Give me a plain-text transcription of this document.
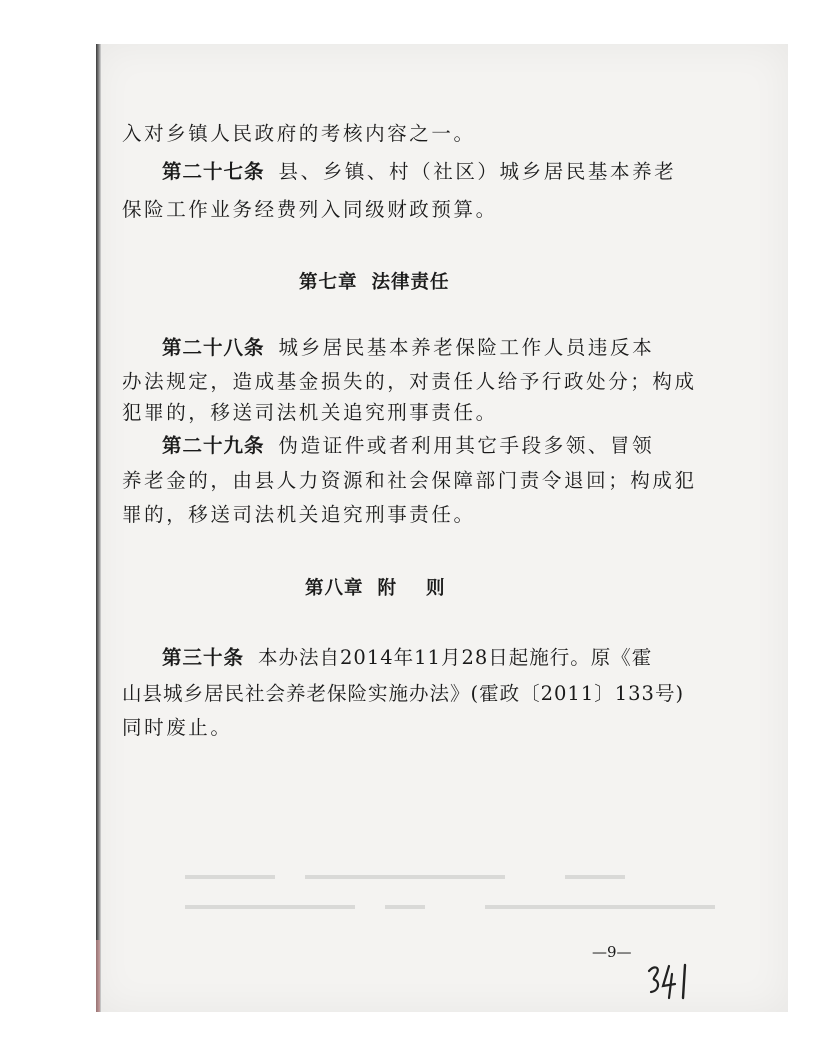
入对乡镇人民政府的考核内容之一。
第二十七条 县、乡镇、村（社区）城乡居民基本养老
保险工作业务经费列入同级财政预算。
第七章 法律责任
第二十八条 城乡居民基本养老保险工作人员违反本
办法规定，造成基金损失的，对责任人给予行政处分；构成
犯罪的，移送司法机关追究刑事责任。
第二十九条 伪造证件或者利用其它手段多领、冒领
养老金的，由县人力资源和社会保障部门责令退回；构成犯
罪的，移送司法机关追究刑事责任。
第八章 附则
第三十条 本办法自2014年11月28日起施行。原《霍
山县城乡居民社会养老保险实施办法》(霍政〔2011〕133号)
同时废止。
—9—
